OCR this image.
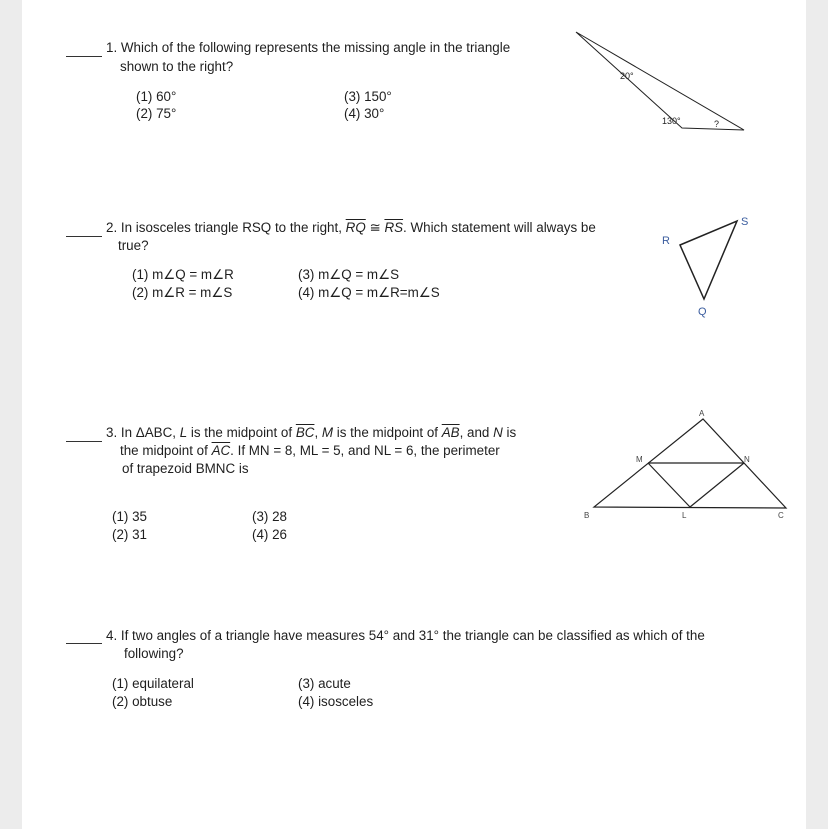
1. Which of the following represents the missing angle in the triangle
shown to the right?
(1) 60°
(2) 75°
(3) 150°
(4) 30°
20°
130°	?
2. In isosceles triangle RSQ to the right, $\overline{RQ}$ ≅ $\overline{RS}$. Which statement will always be
true?
(1) m∠Q = m∠R
(2) m∠R = m∠S
(3) m∠Q = m∠S
(4) m∠Q = m∠R=m∠S
R
S
Q
3. In ΔABC, L is the midpoint of $\overline{BC}$, M is the midpoint of $\overline{AB}$, and N is
the midpoint of $\overline{AC}$. If MN = 8, ML = 5, and NL = 6, the perimeter
of trapezoid BMNC is
(1) 35
(2) 31
(3) 28
(4) 26
A
B	C
M	N
L
4. If two angles of a triangle have measures 54° and 31° the triangle can be classified as which of the
following?
(1) equilateral
(2) obtuse
(3) acute
(4) isosceles
